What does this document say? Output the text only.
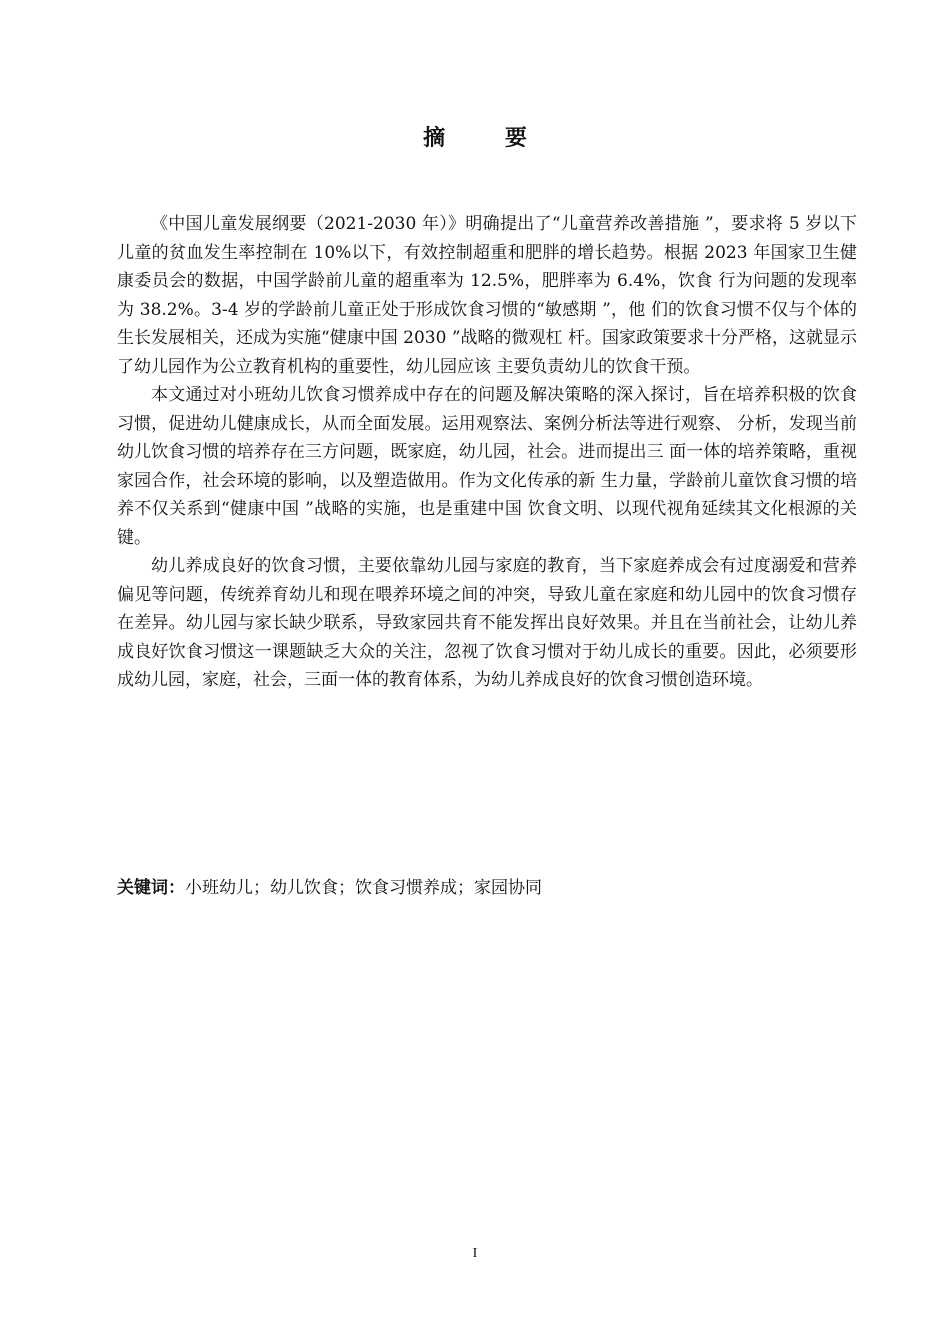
摘 要

《中国儿童发展纲要（2021-2030 年）》明确提出了“儿童营养改善措施 ”，要求将 5 岁以下儿童的贫血发生率控制在 10%以下，有效控制超重和肥胖的增长趋势。根据 2023 年国家卫生健康委员会的数据，中国学龄前儿童的超重率为 12.5%，肥胖率为 6.4%，饮食 行为问题的发现率为 38.2%。3-4 岁的学龄前儿童正处于形成饮食习惯的“敏感期 ”，他 们的饮食习惯不仅与个体的生长发展相关，还成为实施“健康中国 2030 ”战略的微观杠 杆。国家政策要求十分严格，这就显示了幼儿园作为公立教育机构的重要性，幼儿园应该 主要负责幼儿的饮食干预。

本文通过对小班幼儿饮食习惯养成中存在的问题及解决策略的深入探讨，旨在培养积极的饮食习惯，促进幼儿健康成长，从而全面发展。运用观察法、案例分析法等进行观察、 分析，发现当前幼儿饮食习惯的培养存在三方问题，既家庭，幼儿园，社会。进而提出三 面一体的培养策略，重视家园合作，社会环境的影响，以及塑造做用。作为文化传承的新 生力量，学龄前儿童饮食习惯的培养不仅关系到“健康中国 ”战略的实施，也是重建中国 饮食文明、以现代视角延续其文化根源的关键。

幼儿养成良好的饮食习惯，主要依靠幼儿园与家庭的教育，当下家庭养成会有过度溺爱和营养偏见等问题，传统养育幼儿和现在喂养环境之间的冲突，导致儿童在家庭和幼儿园中的饮食习惯存在差异。幼儿园与家长缺少联系，导致家园共育不能发挥出良好效果。并且在当前社会，让幼儿养成良好饮食习惯这一课题缺乏大众的关注，忽视了饮食习惯对于幼儿成长的重要。因此，必须要形成幼儿园，家庭，社会，三面一体的教育体系，为幼儿养成良好的饮食习惯创造环境。

关键词：小班幼儿；幼儿饮食；饮食习惯养成；家园协同
I
